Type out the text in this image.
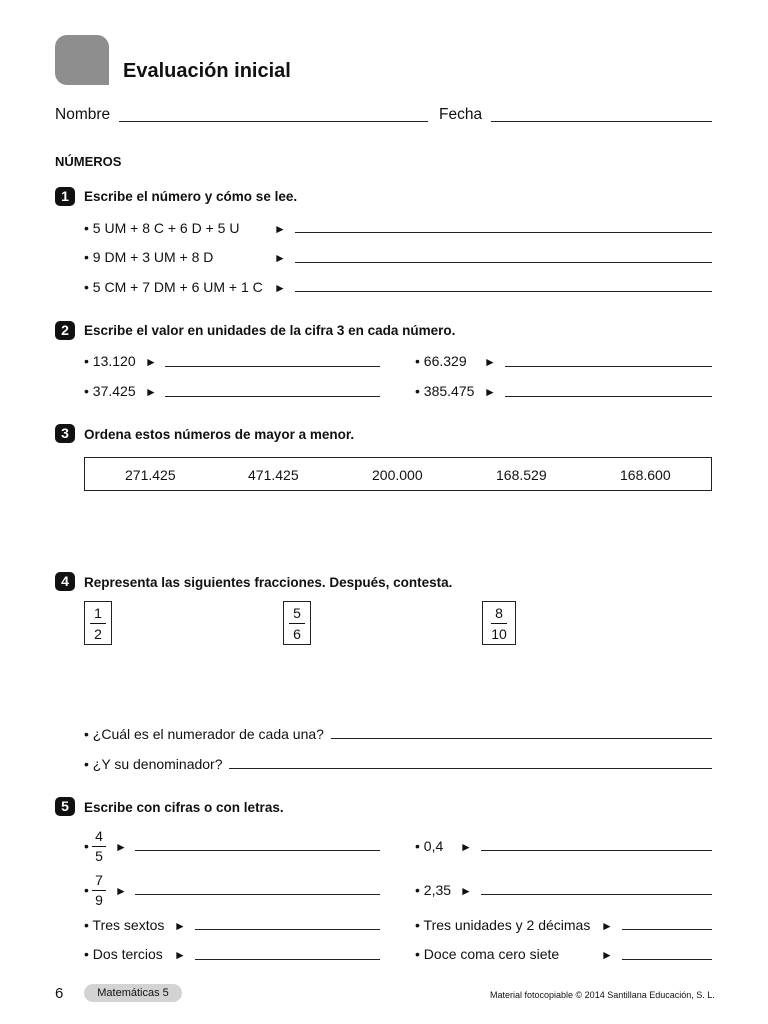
Evaluación inicial
Nombre	Fecha
NÚMEROS
1	Escribe el número y cómo se lee.
• 5 UM + 8 C + 6 D + 5 U	►
• 9 DM + 3 UM + 8 D	►
• 5 CM + 7 DM + 6 UM + 1 C ►
2	Escribe el valor en unidades de la cifra 3 en cada número.
• 13.120 ►	• 66.329 ►
• 37.425 ►	• 385.475 ►
3	Ordena estos números de mayor a menor.
271.425	471.425	200.000	168.529	168.600
4	Representa las siguientes fracciones. Después, contesta.
1
2
5
6
8
10
• ¿Cuál es el numerador de cada una?
• ¿Y su denominador?
5	Escribe con cifras o con letras.
•
4
5
►	• 0,4 ►
•
7
9
►	• 2,35 ►
• Tres sextos ►	• Tres unidades y 2 décimas ►
• Dos tercios ►	• Doce coma cero siete	►
6	Matemáticas 5	Material fotocopiable © 2014 Santillana Educación, S. L.
